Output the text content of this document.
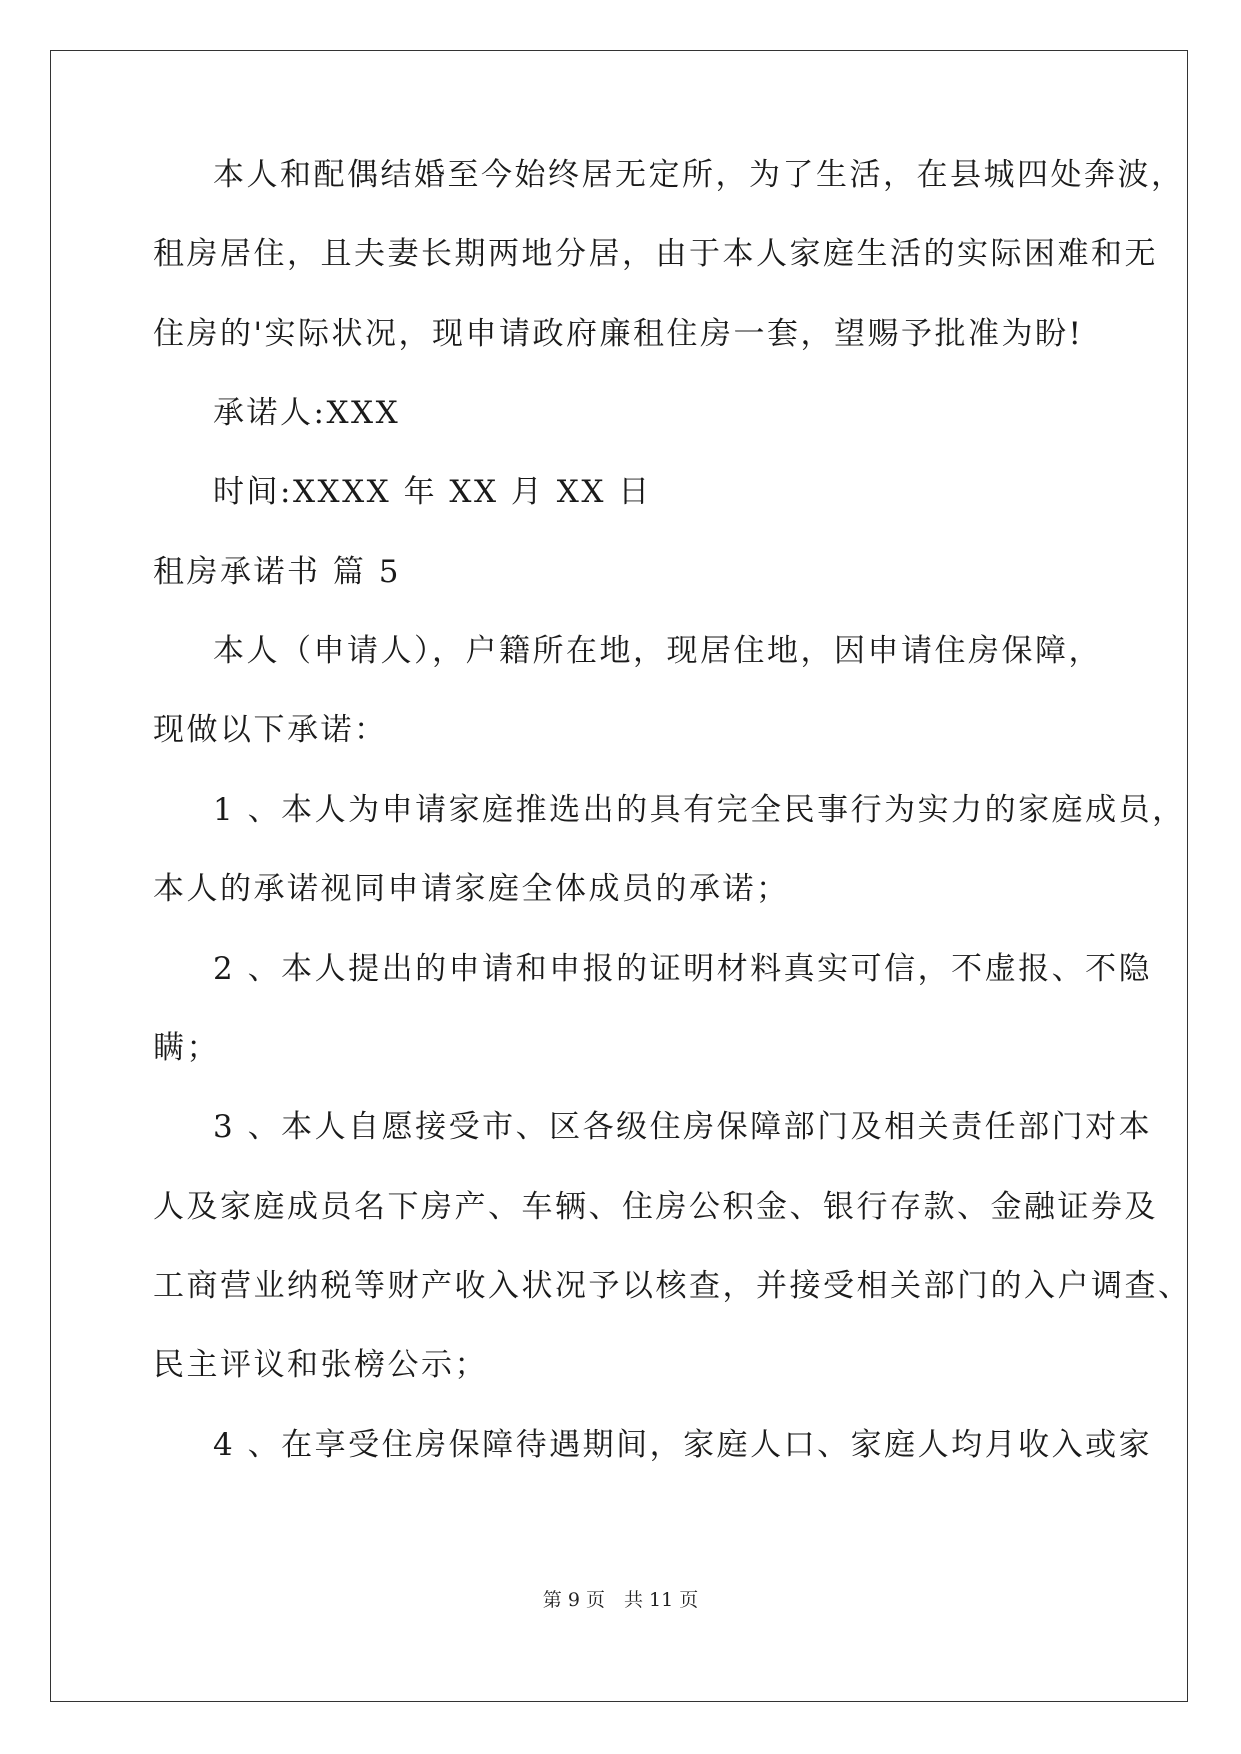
本人和配偶结婚至今始终居无定所，为了生活，在县城四处奔波，
租房居住，且夫妻长期两地分居，由于本人家庭生活的实际困难和无
住房的'实际状况，现申请政府廉租住房一套，望赐予批准为盼!
承诺人:XXX
时间:XXXX 年 XX 月 XX 日
租房承诺书 篇 5
本人（申请人），户籍所在地，现居住地，因申请住房保障，
现做以下承诺：
1 、本人为申请家庭推选出的具有完全民事行为实力的家庭成员，
本人的承诺视同申请家庭全体成员的承诺；
2 、本人提出的申请和申报的证明材料真实可信，不虚报、不隐
瞒；
3 、本人自愿接受市、区各级住房保障部门及相关责任部门对本
人及家庭成员名下房产、车辆、住房公积金、银行存款、金融证券及
工商营业纳税等财产收入状况予以核查，并接受相关部门的入户调查、
民主评议和张榜公示；
4 、在享受住房保障待遇期间，家庭人口、家庭人均月收入或家
第 9 页　共 11 页
